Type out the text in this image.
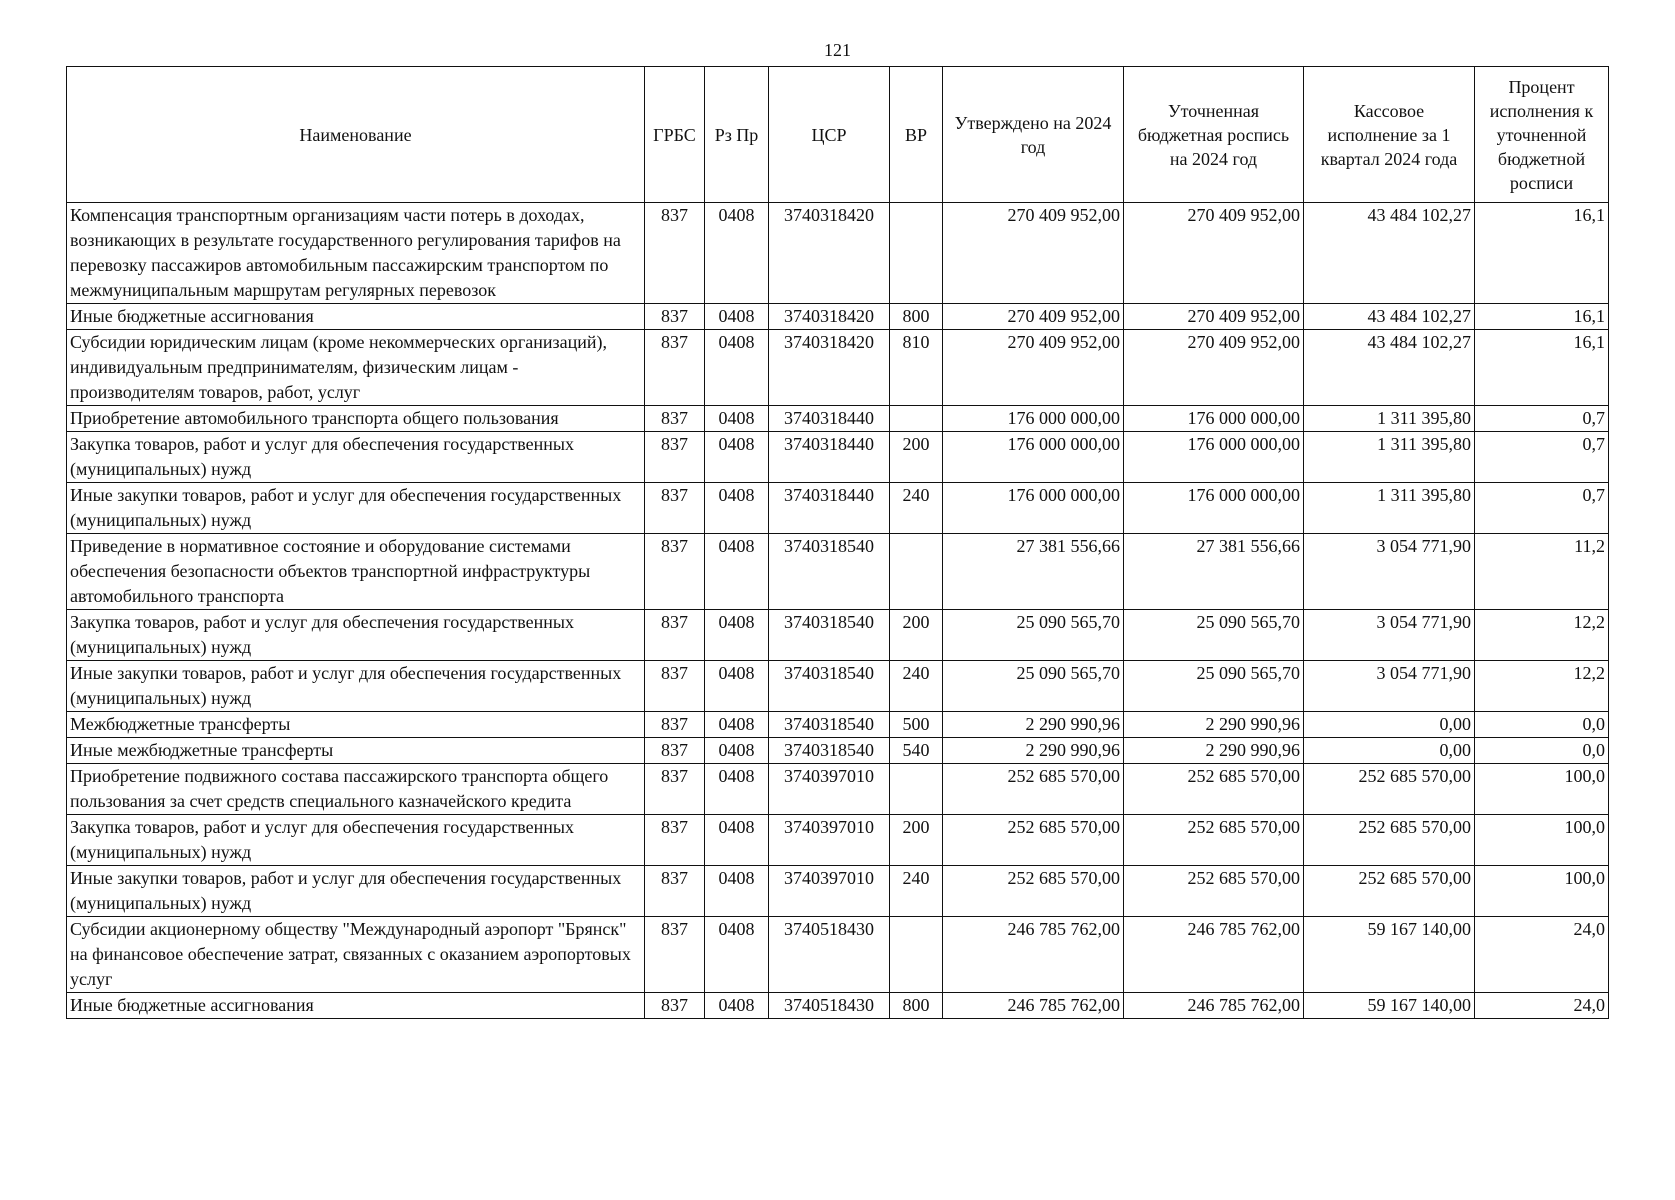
121
Наименование	ГРБС	Рз Пр	ЦСР	ВР	Утверждено на 2024 год	Уточненная бюджетная роспись на 2024 год	Кассовое исполнение за 1 квартал 2024 года	Процент исполнения к уточненной бюджетной росписи
Компенсация транспортным организациям части потерь в доходах, возникающих в результате государственного регулирования тарифов на перевозку пассажиров автомобильным пассажирским транспортом по межмуниципальным маршрутам регулярных перевозок	837	0408	3740318420		270 409 952,00	270 409 952,00	43 484 102,27	16,1
Иные бюджетные ассигнования	837	0408	3740318420	800	270 409 952,00	270 409 952,00	43 484 102,27	16,1
Субсидии юридическим лицам (кроме некоммерческих организаций), индивидуальным предпринимателям, физическим лицам - производителям товаров, работ, услуг	837	0408	3740318420	810	270 409 952,00	270 409 952,00	43 484 102,27	16,1
Приобретение автомобильного транспорта общего пользования	837	0408	3740318440		176 000 000,00	176 000 000,00	1 311 395,80	0,7
Закупка товаров, работ и услуг для обеспечения государственных (муниципальных) нужд	837	0408	3740318440	200	176 000 000,00	176 000 000,00	1 311 395,80	0,7
Иные закупки товаров, работ и услуг для обеспечения государственных (муниципальных) нужд	837	0408	3740318440	240	176 000 000,00	176 000 000,00	1 311 395,80	0,7
Приведение в нормативное состояние и оборудование системами обеспечения безопасности объектов транспортной инфраструктуры автомобильного транспорта	837	0408	3740318540		27 381 556,66	27 381 556,66	3 054 771,90	11,2
Закупка товаров, работ и услуг для обеспечения государственных (муниципальных) нужд	837	0408	3740318540	200	25 090 565,70	25 090 565,70	3 054 771,90	12,2
Иные закупки товаров, работ и услуг для обеспечения государственных (муниципальных) нужд	837	0408	3740318540	240	25 090 565,70	25 090 565,70	3 054 771,90	12,2
Межбюджетные трансферты	837	0408	3740318540	500	2 290 990,96	2 290 990,96	0,00	0,0
Иные межбюджетные трансферты	837	0408	3740318540	540	2 290 990,96	2 290 990,96	0,00	0,0
Приобретение подвижного состава пассажирского транспорта общего пользования за счет средств специального казначейского кредита	837	0408	3740397010		252 685 570,00	252 685 570,00	252 685 570,00	100,0
Закупка товаров, работ и услуг для обеспечения государственных (муниципальных) нужд	837	0408	3740397010	200	252 685 570,00	252 685 570,00	252 685 570,00	100,0
Иные закупки товаров, работ и услуг для обеспечения государственных (муниципальных) нужд	837	0408	3740397010	240	252 685 570,00	252 685 570,00	252 685 570,00	100,0
Субсидии акционерному обществу "Международный аэропорт "Брянск" на финансовое обеспечение затрат, связанных с оказанием аэропортовых услуг	837	0408	3740518430		246 785 762,00	246 785 762,00	59 167 140,00	24,0
Иные бюджетные ассигнования	837	0408	3740518430	800	246 785 762,00	246 785 762,00	59 167 140,00	24,0
